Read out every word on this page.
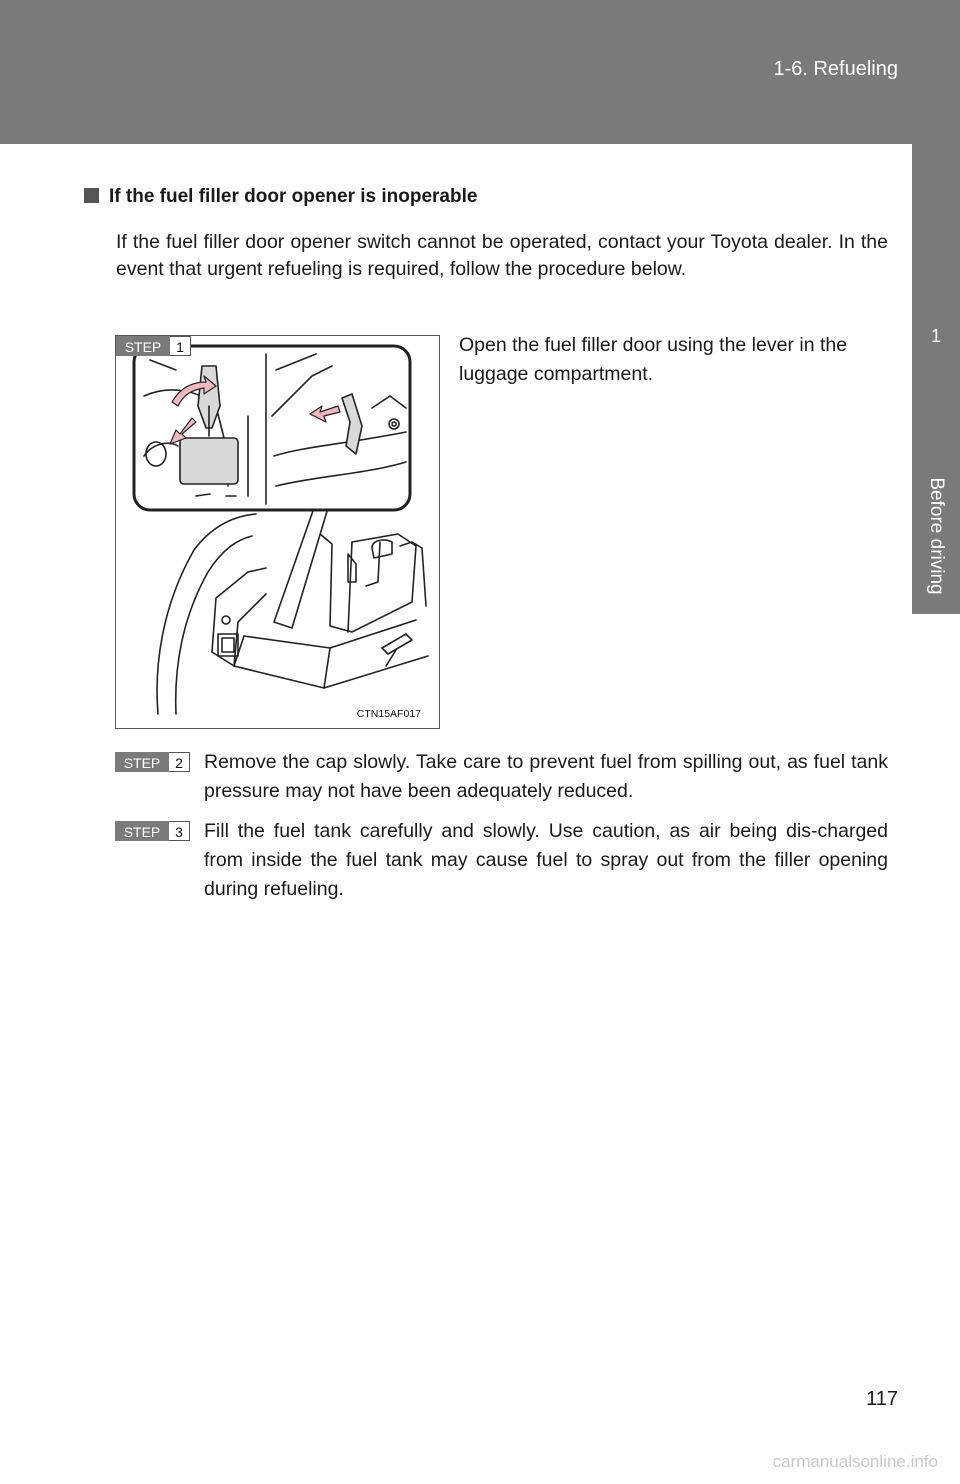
1-6. Refueling
1
Before driving
If the fuel filler door opener is inoperable

If the fuel filler door opener switch cannot be operated, contact your Toyota dealer. In the event that urgent refueling is required, follow the procedure below.

STEP	1
CTN15AF017

Open the fuel filler door using the lever in the luggage compartment.

STEP	2	Remove the cap slowly. Take care to prevent fuel from spilling out, as fuel tank pressure may not have been adequately reduced.

STEP	3	Fill the fuel tank carefully and slowly. Use caution, as air being dis-charged from inside the fuel tank may cause fuel to spray out from the filler opening during refueling.

117
carmanualsonline.info
